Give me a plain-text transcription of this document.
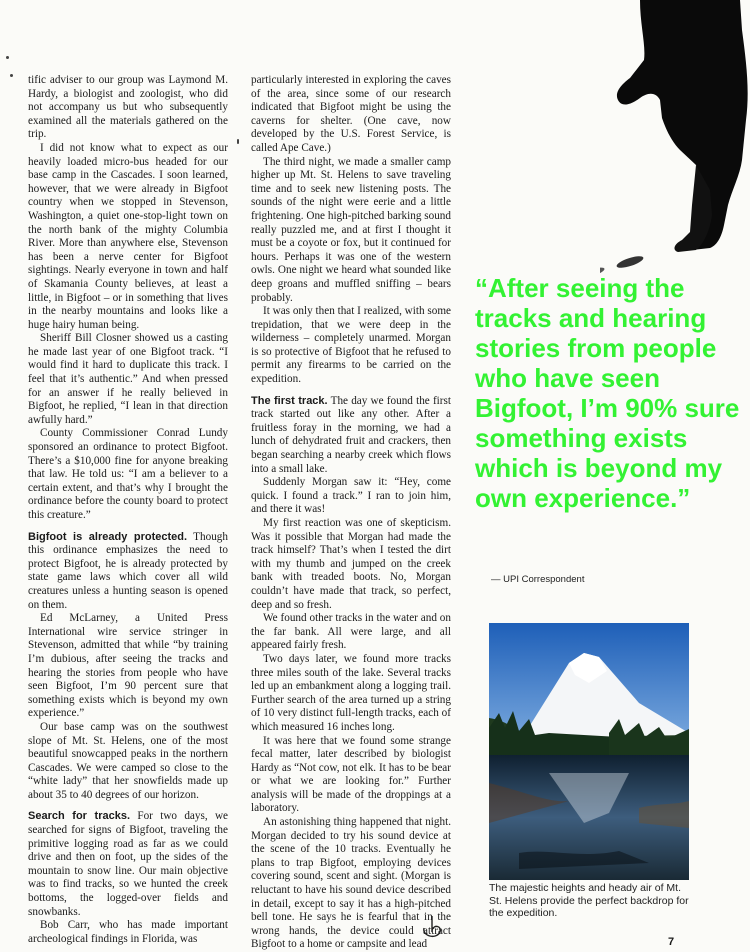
tific adviser to our group was Laymond M. Hardy, a biologist and zoologist, who did not accompany us but who subsequently examined all the materials gathered on the trip.

I did not know what to expect as our heavily loaded micro-bus headed for our base camp in the Cascades. I soon learned, however, that we were already in Bigfoot country when we stopped in Stevenson, Washington, a quiet one-stop-light town on the north bank of the mighty Columbia River. More than anywhere else, Stevenson has been a nerve center for Bigfoot sightings. Nearly everyone in town and half of Skamania County believes, at least a little, in Bigfoot – or in something that lives in the nearby mountains and looks like a huge hairy human being.

Sheriff Bill Closner showed us a casting he made last year of one Bigfoot track. “I would find it hard to duplicate this track. I feel that it’s authentic.” And when pressed for an answer if he really believed in Bigfoot, he replied, “I lean in that direction awfully hard.”

County Commissioner Conrad Lundy sponsored an ordinance to protect Bigfoot. There’s a $10,000 fine for anyone breaking that law. He told us: “I am a believer to a certain extent, and that’s why I brought the ordinance before the county board to protect this creature.”

Bigfoot is already protected. Though this ordinance emphasizes the need to protect Bigfoot, he is already protected by state game laws which cover all wild creatures unless a hunting season is opened on them.

Ed McLarney, a United Press International wire service stringer in Stevenson, admitted that while “by training I’m dubious, after seeing the tracks and hearing the stories from people who have seen Bigfoot, I’m 90 percent sure that something exists which is beyond my own experience.”

Our base camp was on the southwest slope of Mt. St. Helens, one of the most beautiful snowcapped peaks in the northern Cascades. We were camped so close to the “white lady” that her snowfields made up about 35 to 40 degrees of our horizon.

Search for tracks. For two days, we searched for signs of Bigfoot, traveling the primitive logging road as far as we could drive and then on foot, up the sides of the mountain to snow line. Our main objective was to find tracks, so we hunted the creek bottoms, the logged-over fields and snowbanks.

Bob Carr, who has made important archeological findings in Florida, was

particularly interested in exploring the caves of the area, since some of our research indicated that Bigfoot might be using the caverns for shelter. (One cave, now developed by the U.S. Forest Service, is called Ape Cave.)

The third night, we made a smaller camp higher up Mt. St. Helens to save traveling time and to seek new listening posts. The sounds of the night were eerie and a little frightening. One high-pitched barking sound really puzzled me, and at first I thought it must be a coyote or fox, but it continued for hours. Perhaps it was one of the western owls. One night we heard what sounded like deep groans and muffled sniffing – bears probably.

It was only then that I realized, with some trepidation, that we were deep in the wilderness – completely unarmed. Morgan is so protective of Bigfoot that he refused to permit any firearms to be carried on the expedition.

The first track. The day we found the first track started out like any other. After a fruitless foray in the morning, we had a lunch of dehydrated fruit and crackers, then began searching a nearby creek which flows into a small lake.

Suddenly Morgan saw it: “Hey, come quick. I found a track.” I ran to join him, and there it was!

My first reaction was one of skepticism. Was it possible that Morgan had made the track himself? That’s when I tested the dirt with my thumb and jumped on the creek bank with treaded boots. No, Morgan couldn’t have made that track, so perfect, deep and so fresh.

We found other tracks in the water and on the far bank. All were large, and all appeared fairly fresh.

Two days later, we found more tracks three miles south of the lake. Several tracks led up an embankment along a logging trail. Further search of the area turned up a string of 10 very distinct full-length tracks, each of which measured 16 inches long.

It was here that we found some strange fecal matter, later described by biologist Hardy as “Not cow, not elk. It has to be bear or what we are looking for.” Further analysis will be made of the droppings at a laboratory.

An astonishing thing happened that night. Morgan decided to try his sound device at the scene of the 10 tracks. Eventually he plans to trap Bigfoot, employing devices covering sound, scent and sight. (Morgan is reluctant to have his sound device described in detail, except to say it has a high-pitched bell tone. He says he is fearful that in the wrong hands, the device could attract Bigfoot to a home or campsite and lead

“After seeing the tracks and hearing stories from people who have seen Bigfoot, I’m 90% sure something exists which is beyond my own experience.”
— UPI Correspondent
The majestic heights and heady air of Mt. St. Helens provide the perfect backdrop for the expedition.
7
